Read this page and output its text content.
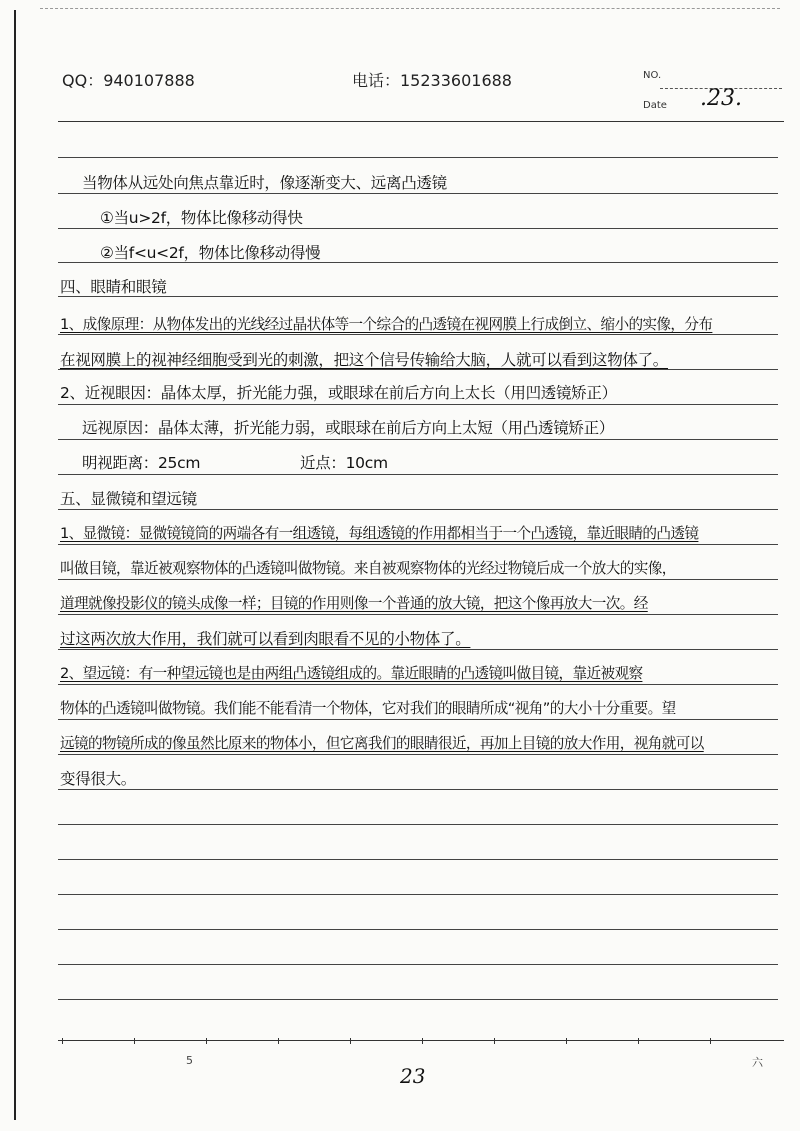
QQ：940107888	电话：15233601688	NO.
Date .23.
当物体从远处向焦点靠近时，像逐渐变大、远离凸透镜
①当u>2f，物体比像移动得快
②当f<u<2f，物体比像移动得慢
四、眼睛和眼镜
1、成像原理：从物体发出的光线经过晶状体等一个综合的凸透镜在视网膜上行成倒立、缩小的实像，分布
在视网膜上的视神经细胞受到光的刺激，把这个信号传输给大脑，人就可以看到这物体了。
2、近视眼因：晶体太厚，折光能力强，或眼球在前后方向上太长（用凹透镜矫正）
远视原因：晶体太薄，折光能力弱，或眼球在前后方向上太短（用凸透镜矫正）
明视距离：25cm	近点：10cm
五、显微镜和望远镜
1、显微镜：显微镜镜筒的两端各有一组透镜，每组透镜的作用都相当于一个凸透镜，靠近眼睛的凸透镜
叫做目镜，靠近被观察物体的凸透镜叫做物镜。来自被观察物体的光经过物镜后成一个放大的实像，
道理就像投影仪的镜头成像一样；目镜的作用则像一个普通的放大镜，把这个像再放大一次。经
过这两次放大作用，我们就可以看到肉眼看不见的小物体了。
2、望远镜：有一种望远镜也是由两组凸透镜组成的。靠近眼睛的凸透镜叫做目镜，靠近被观察
物体的凸透镜叫做物镜。我们能不能看清一个物体，它对我们的眼睛所成“视角”的大小十分重要。望
远镜的物镜所成的像虽然比原来的物体小，但它离我们的眼睛很近，再加上目镜的放大作用，视角就可以
变得很大。
5
23
六
